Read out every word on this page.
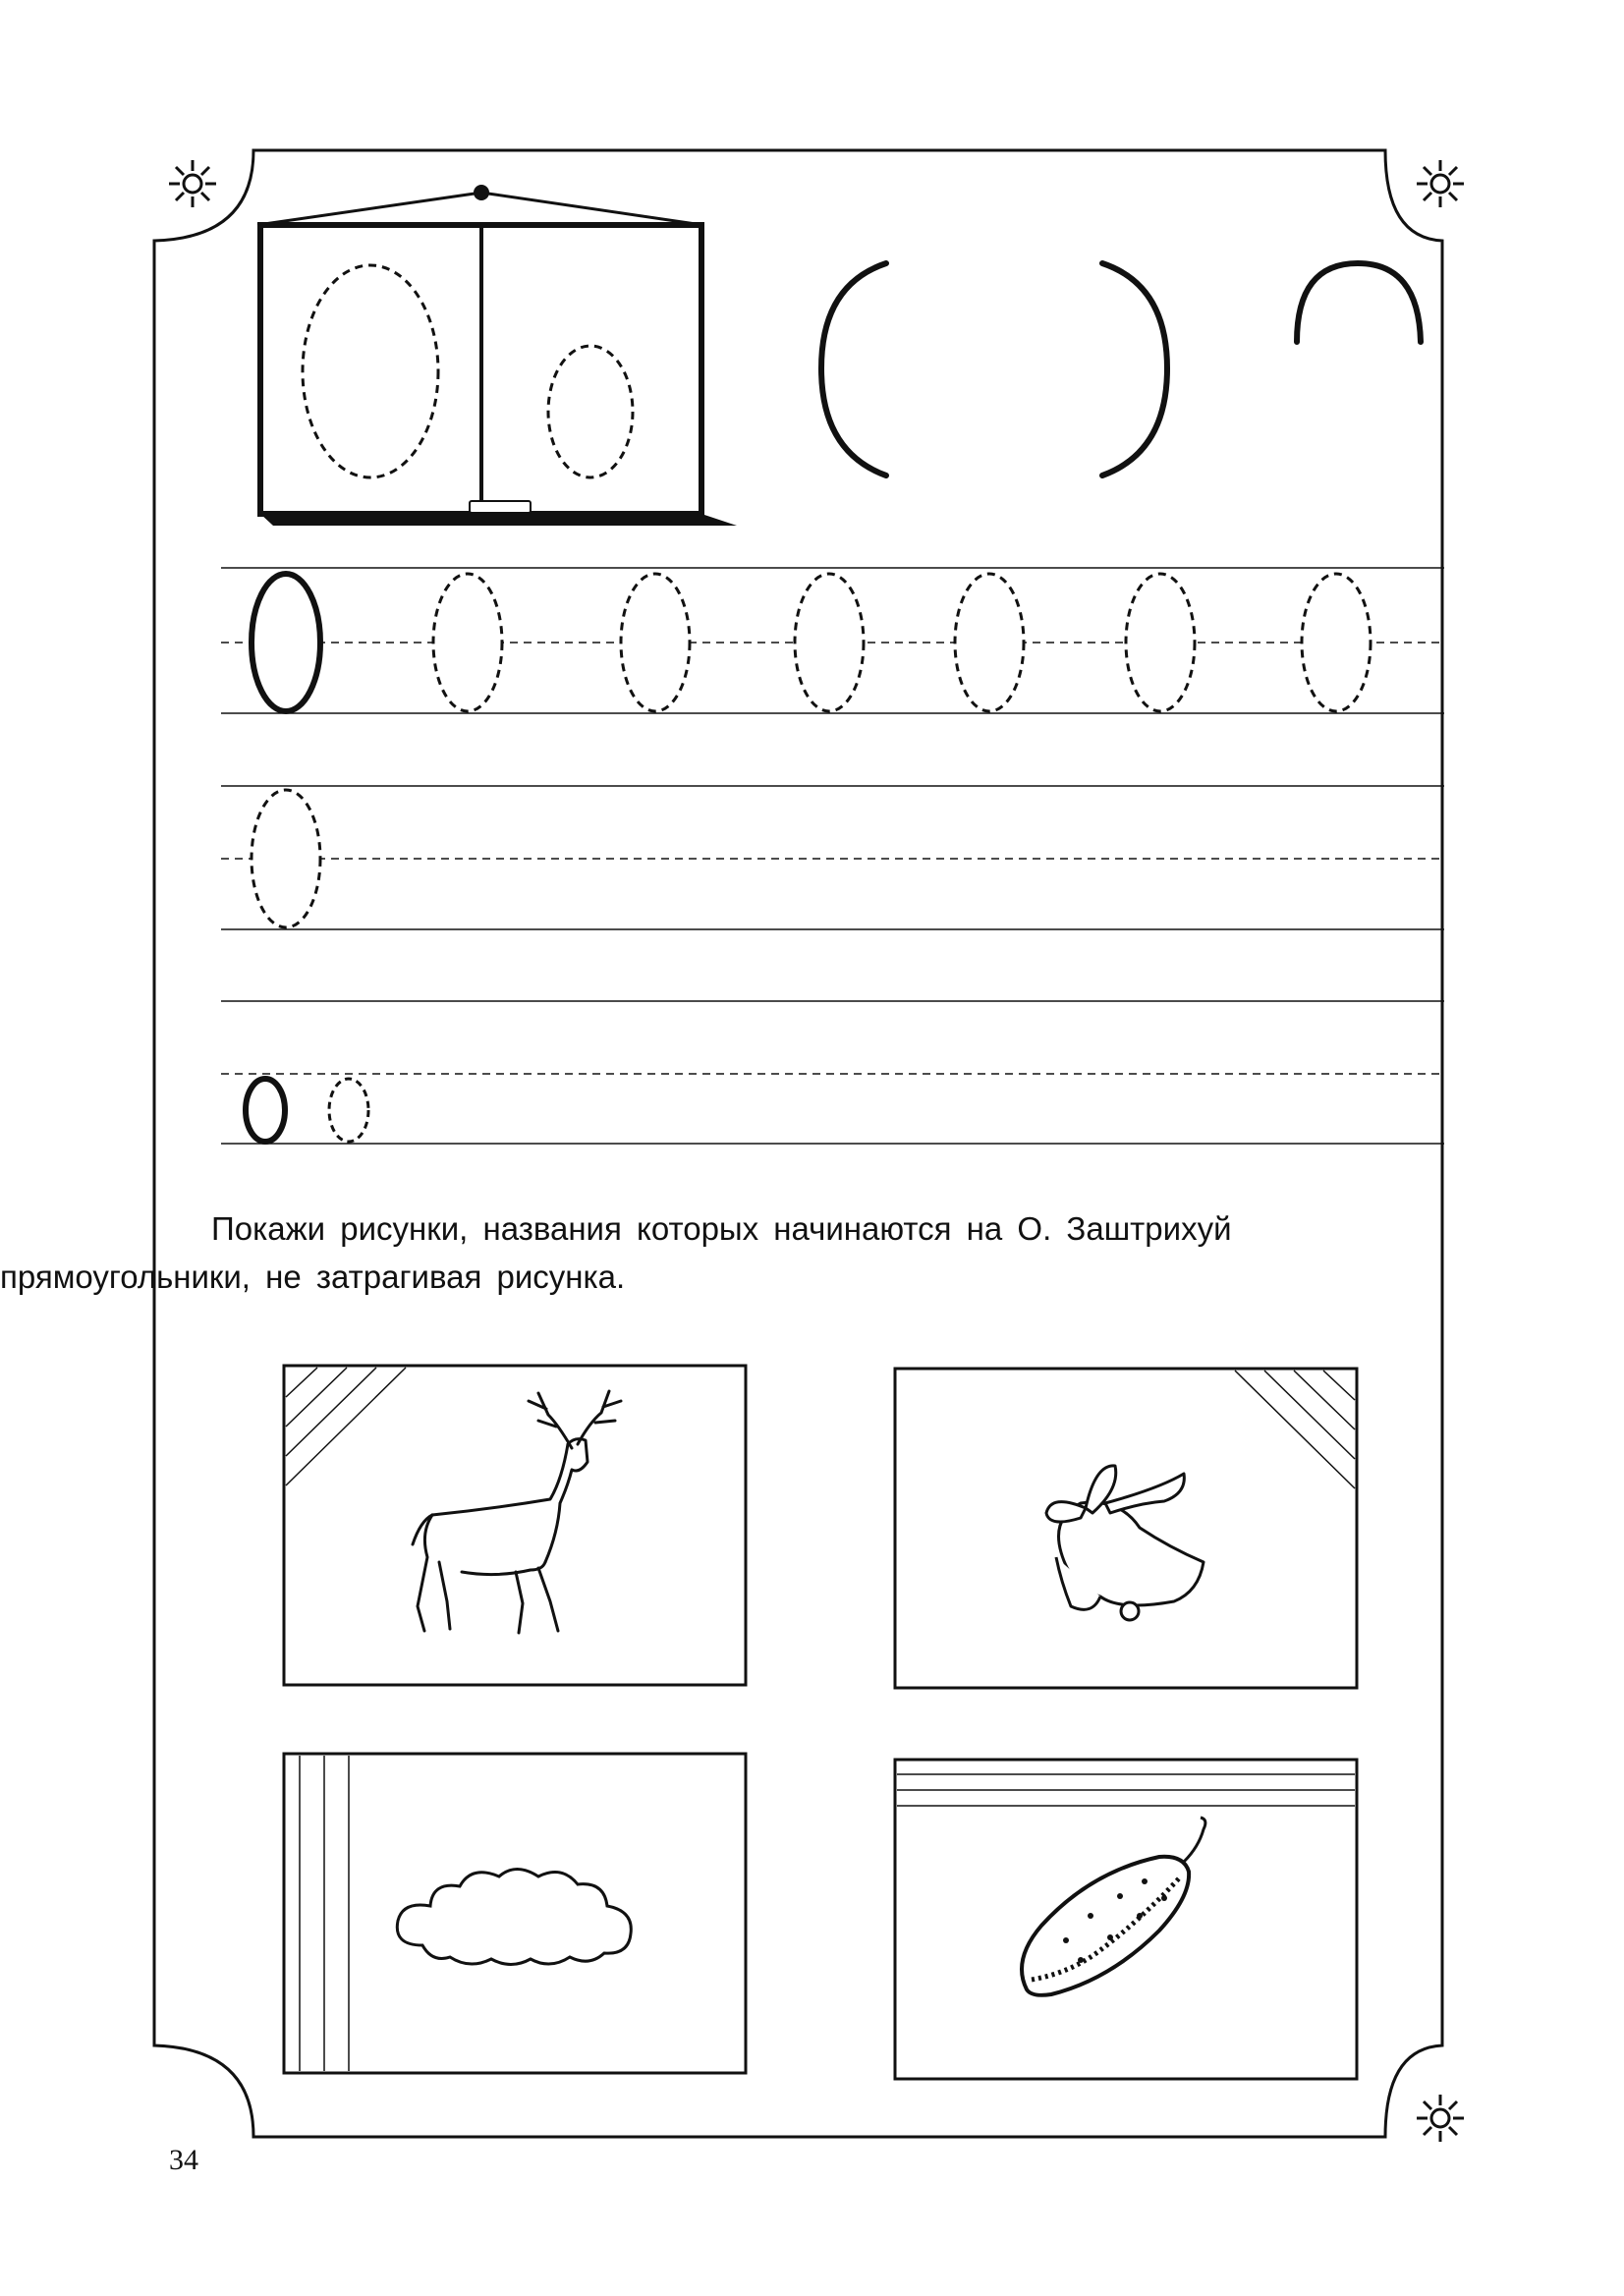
Покажи рисунки, названия которых начинаются на О. Заштрихуй
прямоугольники, не затрагивая рисунка.
34
